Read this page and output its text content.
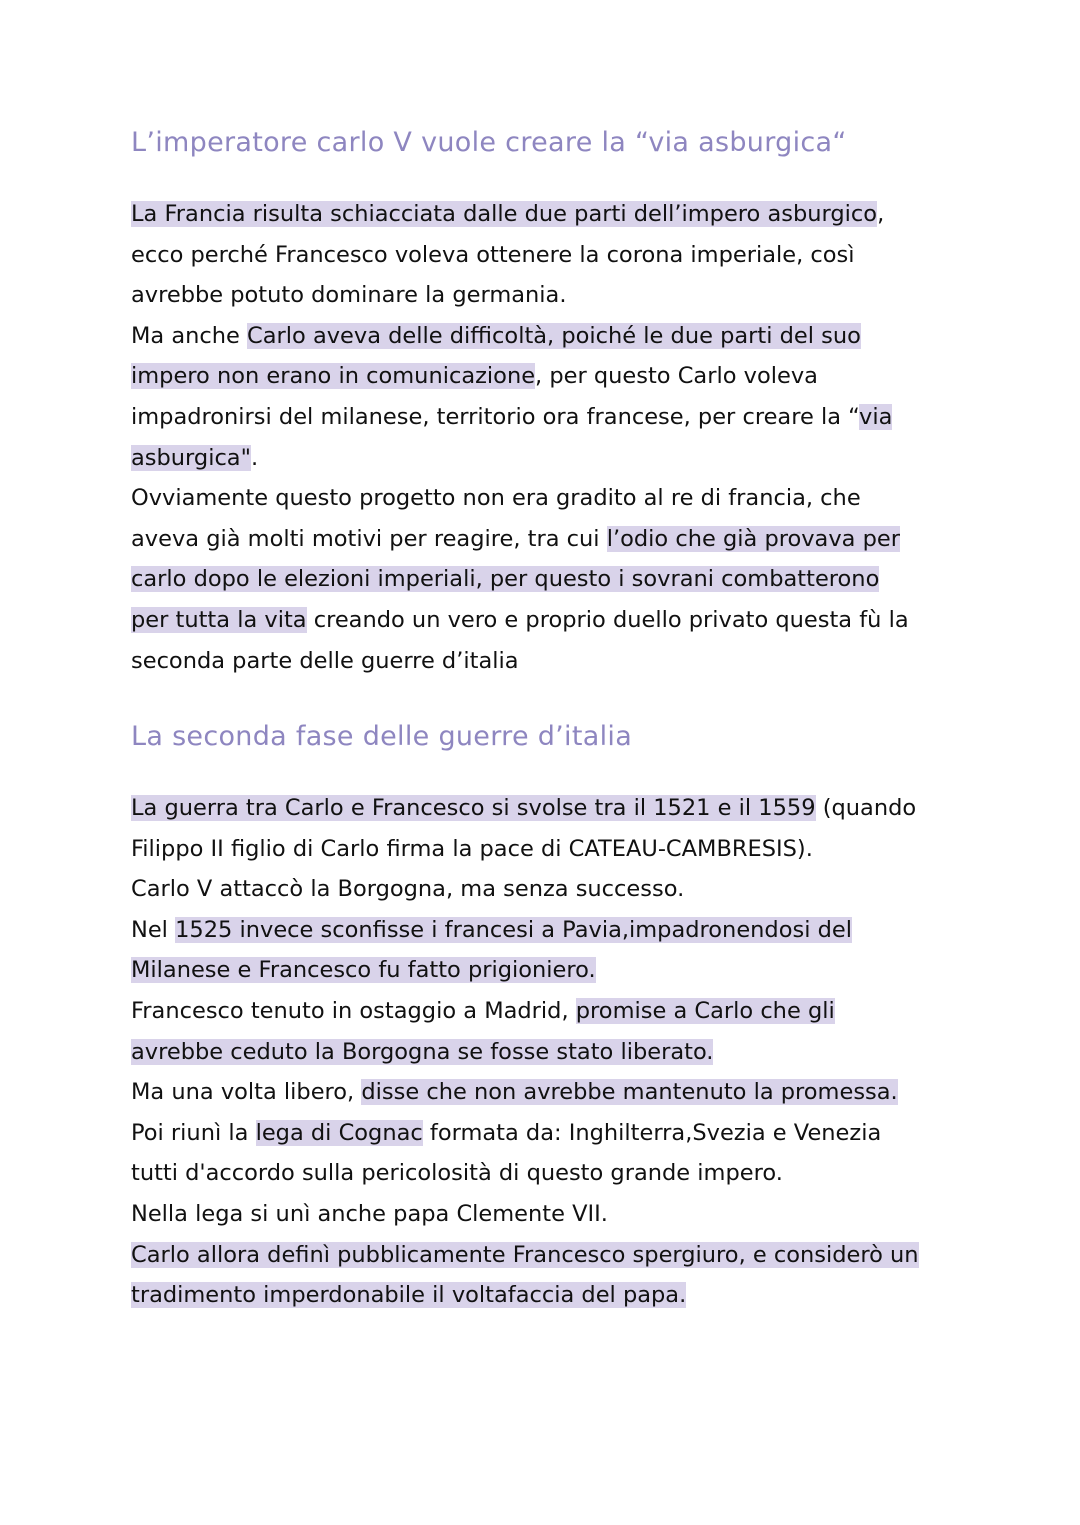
L’imperatore carlo V vuole creare la “via asburgica“
La Francia risulta schiacciata dalle due parti dell’impero asburgico,
ecco perché Francesco voleva ottenere la corona imperiale, così
avrebbe potuto dominare la germania.
Ma anche Carlo aveva delle difficoltà, poiché le due parti del suo
impero non erano in comunicazione, per questo Carlo voleva
impadronirsi del milanese, territorio ora francese, per creare la “via
asburgica".
Ovviamente questo progetto non era gradito al re di francia, che
aveva già molti motivi per reagire, tra cui l’odio che già provava per
carlo dopo le elezioni imperiali, per questo i sovrani combatterono
per tutta la vita creando un vero e proprio duello privato questa fù la
seconda parte delle guerre d’italia
La seconda fase delle guerre d’italia
La guerra tra Carlo e Francesco si svolse tra il 1521 e il 1559 (quando
Filippo II figlio di Carlo firma la pace di CATEAU-CAMBRESIS).
Carlo V attaccò la Borgogna, ma senza successo.
Nel 1525 invece sconfisse i francesi a Pavia,impadronendosi del
Milanese e Francesco fu fatto prigioniero.
Francesco tenuto in ostaggio a Madrid, promise a Carlo che gli
avrebbe ceduto la Borgogna se fosse stato liberato.
Ma una volta libero, disse che non avrebbe mantenuto la promessa.
Poi riunì la lega di Cognac formata da: Inghilterra,Svezia e Venezia
tutti d'accordo sulla pericolosità di questo grande impero.
Nella lega si unì anche papa Clemente VII.
Carlo allora definì pubblicamente Francesco spergiuro, e considerò un
tradimento imperdonabile il voltafaccia del papa.
